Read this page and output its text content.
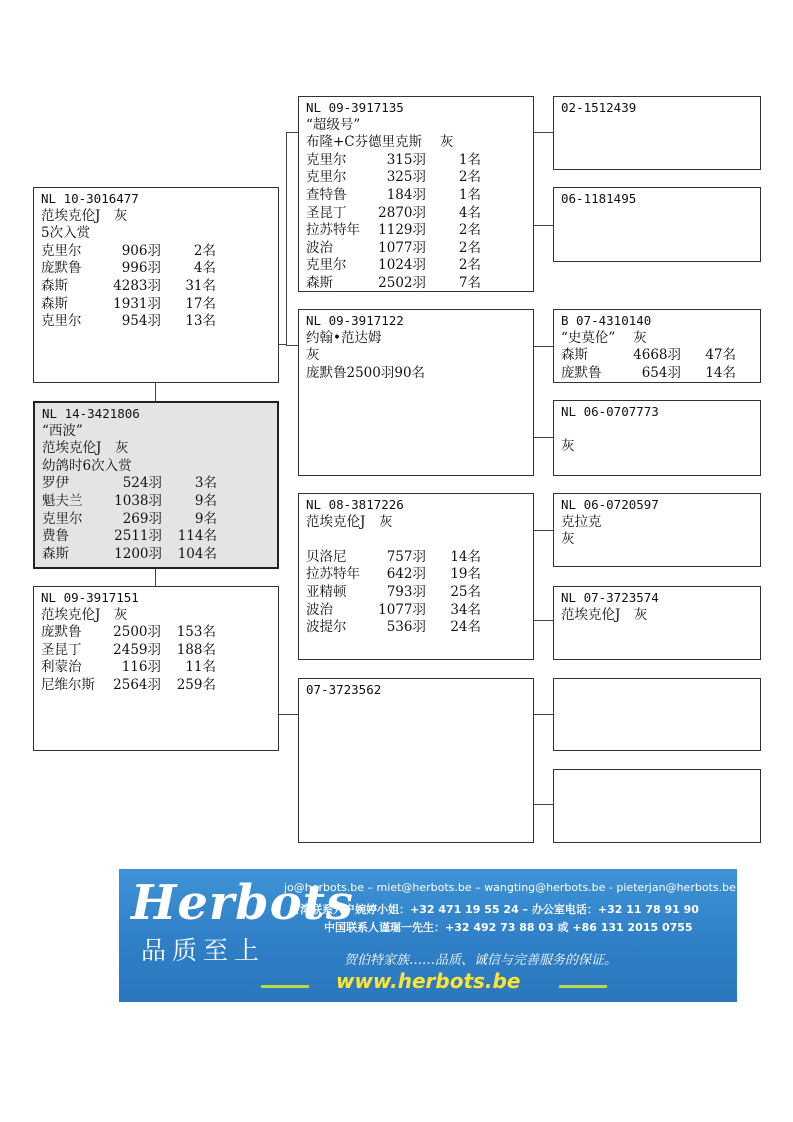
NL 14-3421806
“西波”
范埃克伦J　灰
幼鸽时6次入赏
罗伊	524羽 3名
魁夫兰 1038羽 9名
克里尔	269羽 9名
费鲁	2511羽 114名
森斯	1200羽 104名
NL 10-3016477
范埃克伦J　灰
5次入赏
克里尔	906羽 2名
庞默鲁	996羽 4名
森斯	4283羽 31名
森斯	1931羽 17名
克里尔	954羽 13名
NL 09-3917151
范埃克伦J　灰
庞默鲁 2500羽 153名
圣昆丁 2459羽 188名
利蒙治	116羽 11名
尼维尔斯 2564羽 259名
NL 09-3917135
“超级号”
布隆+C芬德里克斯　 灰
克里尔	315羽 1名
克里尔	325羽 2名
查特鲁	184羽 1名
圣昆丁 2870羽 4名
拉苏特年 1129羽 2名
波治	1077羽 2名
克里尔 1024羽 2名
森斯	2502羽 7名
NL 09-3917122
约翰•范达姆
灰
庞默鲁2500羽90名
NL 08-3817226
范埃克伦J　灰

贝洛尼	757羽 14名
拉苏特年 642羽 19名
亚精顿	793羽 25名
波治	1077羽 34名
波提尔	536羽 24名
07-3723562
02-1512439
06-1181495
B 07-4310140
“史莫伦”　 灰
森斯	4668羽 47名
庞默鲁	654羽 14名
NL 06-0707773

灰
NL 06-0720597
克拉克
灰
NL 07-3723574
范埃克伦J　灰
Herbots
品质至上
jo@herbots.be – miet@herbots.be – wangting@herbots.be - pieterjan@herbots.be
台湾联系人户婉婷小姐：+32 471 19 55 24 – 办公室电话：+32 11 78 91 90
中国联系人谨㻕一先生：+32 492 73 88 03 或 +86 131 2015 0755
贺伯特家族……品质、诚信与完善服务的保证。
www.herbots.be
